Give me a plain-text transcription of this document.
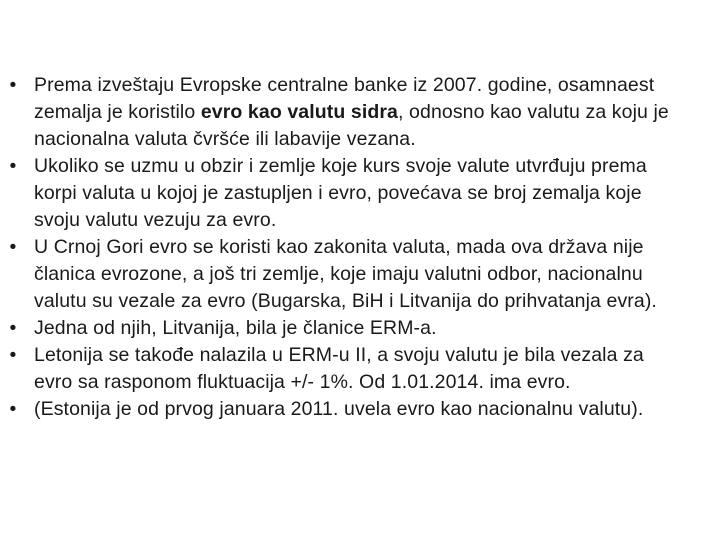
• Prema izveštaju Evropske centralne banke iz 2007. godine, osamnaest zemalja je koristilo evro kao valutu sidra, odnosno kao valutu za koju je nacionalna valuta čvršće ili labavije vezana.
• Ukoliko se uzmu u obzir i zemlje koje kurs svoje valute utvrđuju prema korpi valuta u kojoj je zastupljen i evro, povećava se broj zemalja koje svoju valutu vezuju za evro.
• U Crnoj Gori evro se koristi kao zakonita valuta, mada ova država nije članica evrozone, a još tri zemlje, koje imaju valutni odbor, nacionalnu valutu su vezale za evro (Bugarska, BiH i Litvanija do prihvatanja evra).
• Jedna od njih, Litvanija, bila je članice ERM-a.
• Letonija se takođe nalazila u ERM-u II, a svoju valutu je bila vezala za evro sa rasponom fluktuacija +/- 1%. Od 1.01.2014. ima evro.
• (Estonija je od prvog januara 2011. uvela evro kao nacionalnu valutu).
